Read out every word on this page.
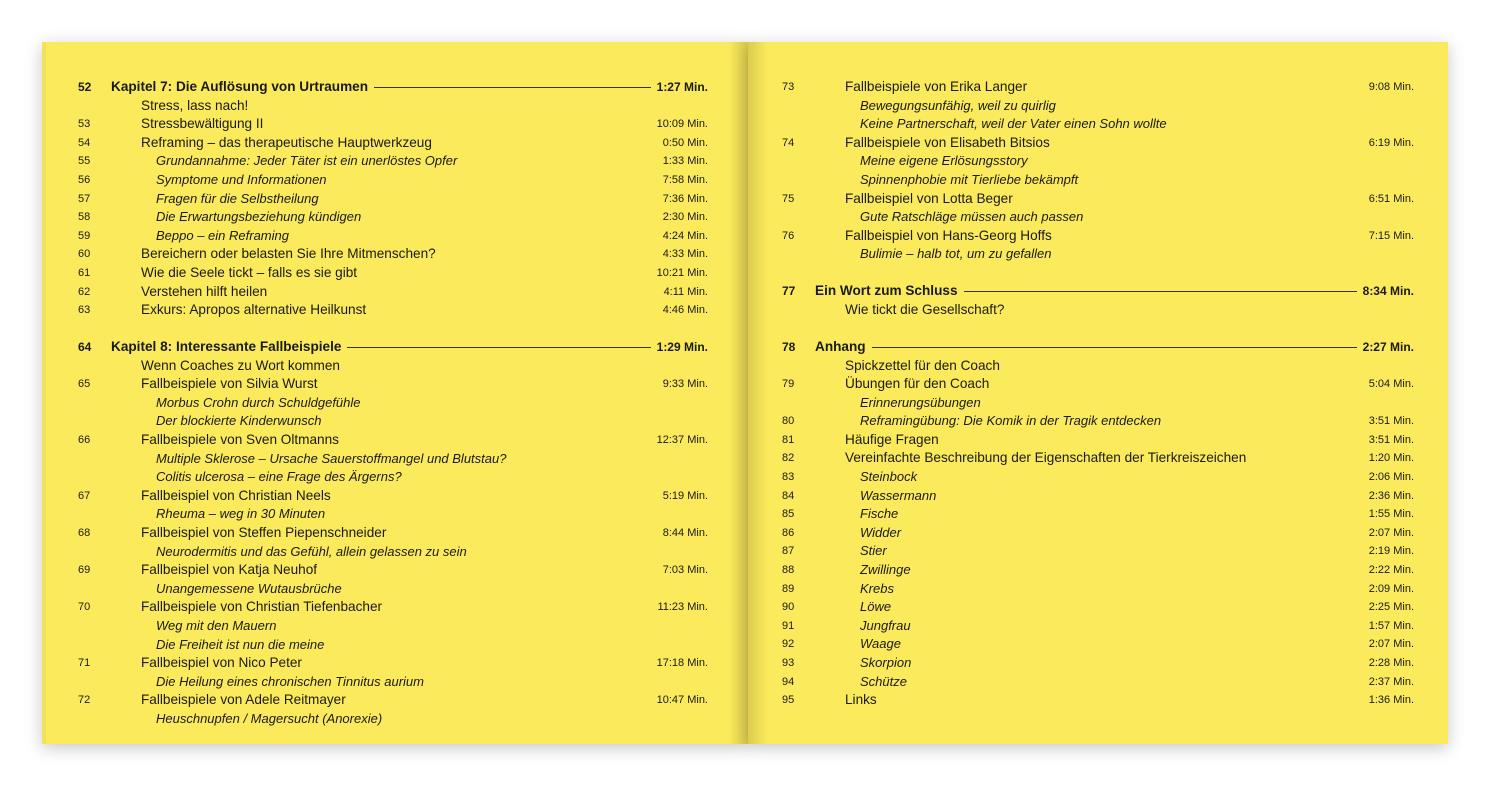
52 Kapitel 7: Die Auflösung von Urtraumen	1:27 Min.
Stress, lass nach!
53	Stressbewältigung II	10:09 Min.
54	Reframing – das therapeutische Hauptwerkzeug	0:50 Min.
55	Grundannahme: Jeder Täter ist ein unerlöstes Opfer	1:33 Min.
56	Symptome und Informationen	7:58 Min.
57	Fragen für die Selbstheilung	7:36 Min.
58	Die Erwartungsbeziehung kündigen	2:30 Min.
59	Beppo – ein Reframing	4:24 Min.
60	Bereichern oder belasten Sie Ihre Mitmenschen?	4:33 Min.
61	Wie die Seele tickt – falls es sie gibt	10:21 Min.
62	Verstehen hilft heilen	4:11 Min.
63	Exkurs: Apropos alternative Heilkunst	4:46 Min.
64 Kapitel 8: Interessante Fallbeispiele	1:29 Min.
Wenn Coaches zu Wort kommen
65	Fallbeispiele von Silvia Wurst	9:33 Min.
Morbus Crohn durch Schuldgefühle
Der blockierte Kinderwunsch
66	Fallbeispiele von Sven Oltmanns	12:37 Min.
Multiple Sklerose – Ursache Sauerstoffmangel und Blutstau?
Colitis ulcerosa – eine Frage des Ärgerns?
67	Fallbeispiel von Christian Neels	5:19 Min.
Rheuma – weg in 30 Minuten
68	Fallbeispiel von Steffen Piepenschneider	8:44 Min.
Neurodermitis und das Gefühl, allein gelassen zu sein
69	Fallbeispiel von Katja Neuhof	7:03 Min.
Unangemessene Wutausbrüche
70	Fallbeispiele von Christian Tiefenbacher	11:23 Min.
Weg mit den Mauern
Die Freiheit ist nun die meine
71	Fallbeispiel von Nico Peter	17:18 Min.
Die Heilung eines chronischen Tinnitus aurium
72	Fallbeispiele von Adele Reitmayer	10:47 Min.
Heuschnupfen / Magersucht (Anorexie)
73	Fallbeispiele von Erika Langer	9:08 Min.
Bewegungsunfähig, weil zu quirlig
Keine Partnerschaft, weil der Vater einen Sohn wollte
74	Fallbeispiele von Elisabeth Bitsios	6:19 Min.
Meine eigene Erlösungsstory
Spinnenphobie mit Tierliebe bekämpft
75	Fallbeispiel von Lotta Beger	6:51 Min.
Gute Ratschläge müssen auch passen
76	Fallbeispiel von Hans-Georg Hoffs	7:15 Min.
Bulimie – halb tot, um zu gefallen
77 Ein Wort zum Schluss	8:34 Min.
Wie tickt die Gesellschaft?
78 Anhang	2:27 Min.
Spickzettel für den Coach
79	Übungen für den Coach	5:04 Min.
Erinnerungsübungen
80	Reframingübung: Die Komik in der Tragik entdecken	3:51 Min.
81	Häufige Fragen	3:51 Min.
82	Vereinfachte Beschreibung der Eigenschaften der Tierkreiszeichen	1:20 Min.
83	Steinbock	2:06 Min.
84	Wassermann	2:36 Min.
85	Fische	1:55 Min.
86	Widder	2:07 Min.
87	Stier	2:19 Min.
88	Zwillinge	2:22 Min.
89	Krebs	2:09 Min.
90	Löwe	2:25 Min.
91	Jungfrau	1:57 Min.
92	Waage	2:07 Min.
93	Skorpion	2:28 Min.
94	Schütze	2:37 Min.
95	Links	1:36 Min.
